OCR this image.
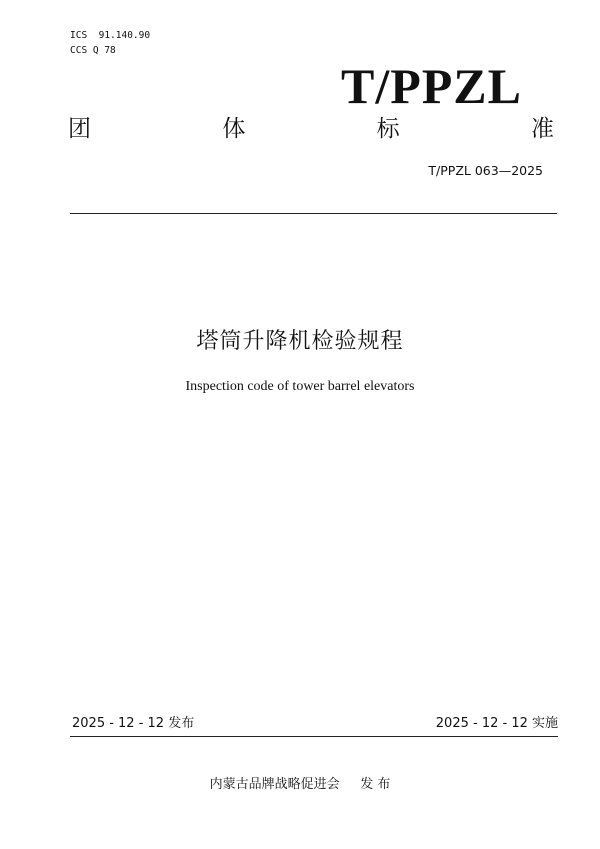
ICS  91.140.90
CCS Q 78
T/PPZL
团	体	标	准
T/PPZL 063—2025
塔筒升降机检验规程
Inspection code of tower barrel elevators
2025 - 12 - 12 发布	2025 - 12 - 12 实施
内蒙古品牌战略促进会     发 布
